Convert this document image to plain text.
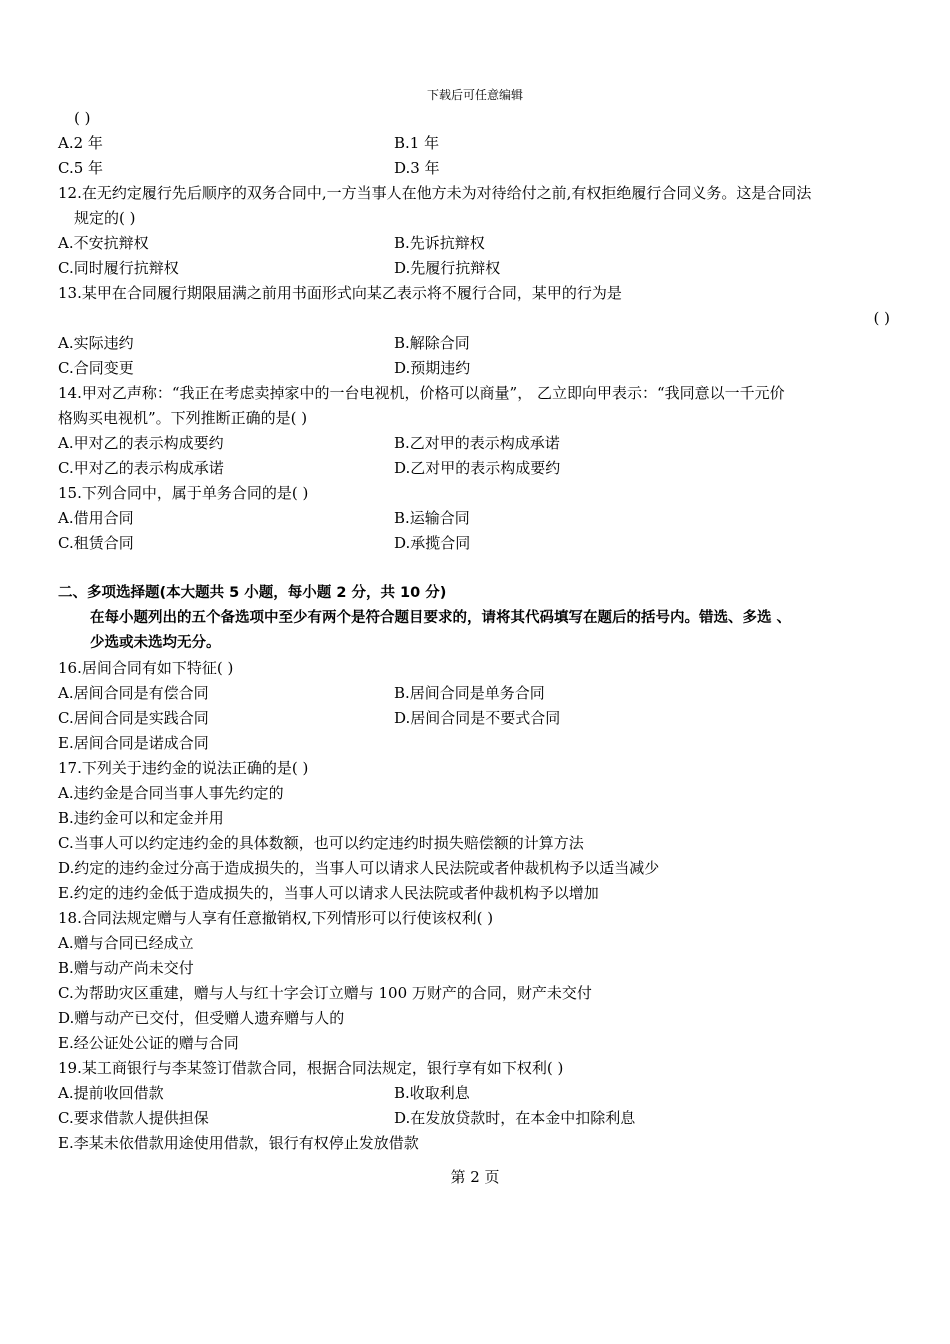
下载后可任意编辑
( )
A.2 年	B.1 年
C.5 年	D.3 年
12.在无约定履行先后顺序的双务合同中,一方当事人在他方未为对待给付之前,有权拒绝履行合同义务。这是合同法
规定的( )
A.不安抗辩权	B.先诉抗辩权
C.同时履行抗辩权	D.先履行抗辩权
13.某甲在合同履行期限届满之前用书面形式向某乙表示将不履行合同，某甲的行为是
( )
A.实际违约	B.解除合同
C.合同变更	D.预期违约
14.甲对乙声称：“我正在考虑卖掉家中的一台电视机，价格可以商量”， 乙立即向甲表示：“我同意以一千元价
格购买电视机”。下列推断正确的是( )
A.甲对乙的表示构成要约	B.乙对甲的表示构成承诺
C.甲对乙的表示构成承诺	D.乙对甲的表示构成要约
15.下列合同中，属于单务合同的是( )
A.借用合同	B.运输合同
C.租赁合同	D.承揽合同
二、多项选择题(本大题共 5 小题，每小题 2 分，共 10 分)
在每小题列出的五个备选项中至少有两个是符合题目要求的，请将其代码填写在题后的括号内。错选、多选 、
少选或未选均无分。
16.居间合同有如下特征( )
A.居间合同是有偿合同	B.居间合同是单务合同
C.居间合同是实践合同	D.居间合同是不要式合同
E.居间合同是诺成合同
17.下列关于违约金的说法正确的是( )
A.违约金是合同当事人事先约定的
B.违约金可以和定金并用
C.当事人可以约定违约金的具体数额，也可以约定违约时损失赔偿额的计算方法
D.约定的违约金过分高于造成损失的，当事人可以请求人民法院或者仲裁机构予以适当减少
E.约定的违约金低于造成损失的，当事人可以请求人民法院或者仲裁机构予以增加
18.合同法规定赠与人享有任意撤销权,下列情形可以行使该权利( )
A.赠与合同已经成立
B.赠与动产尚未交付
C.为帮助灾区重建，赠与人与红十字会订立赠与 100 万财产的合同，财产未交付
D.赠与动产已交付，但受赠人遗弃赠与人的
E.经公证处公证的赠与合同
19.某工商银行与李某签订借款合同，根据合同法规定，银行享有如下权利( )
A.提前收回借款	B.收取利息
C.要求借款人提供担保	D.在发放贷款时，在本金中扣除利息
E.李某未依借款用途使用借款，银行有权停止发放借款
第 2 页
